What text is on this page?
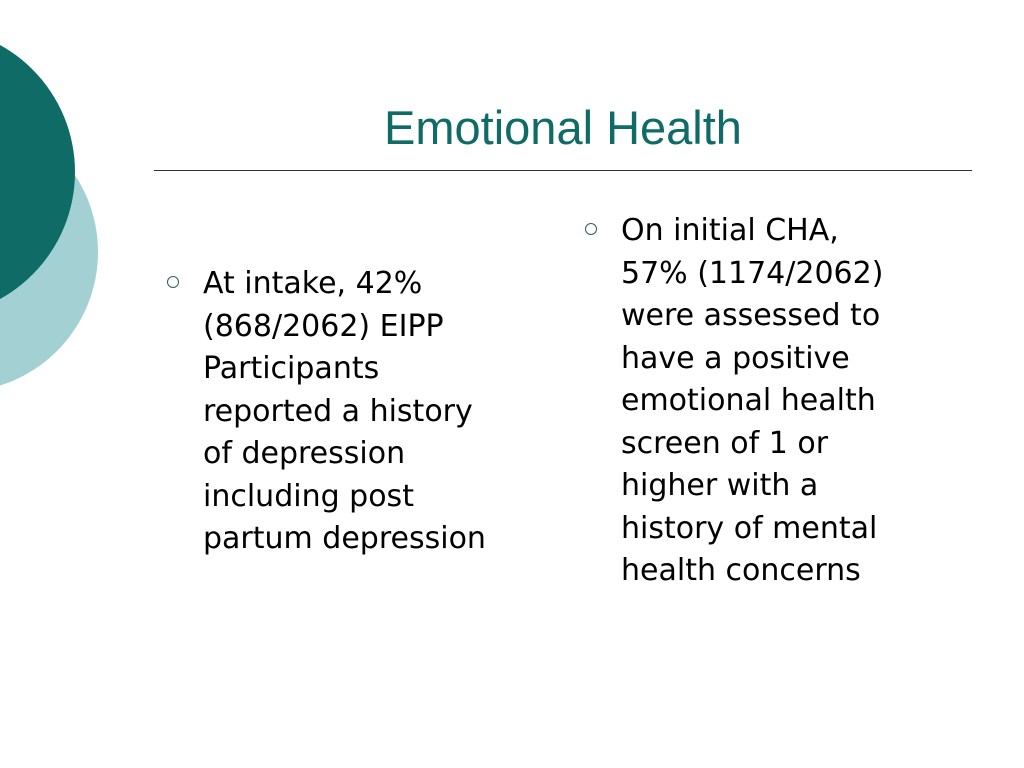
Emotional Health
At intake, 42%
(868/2062) EIPP
Participants
reported a history
of depression
including post
partum depression
On initial CHA,
57% (1174/2062)
were assessed to
have a positive
emotional health
screen of 1 or
higher with a
history of mental
health concerns
